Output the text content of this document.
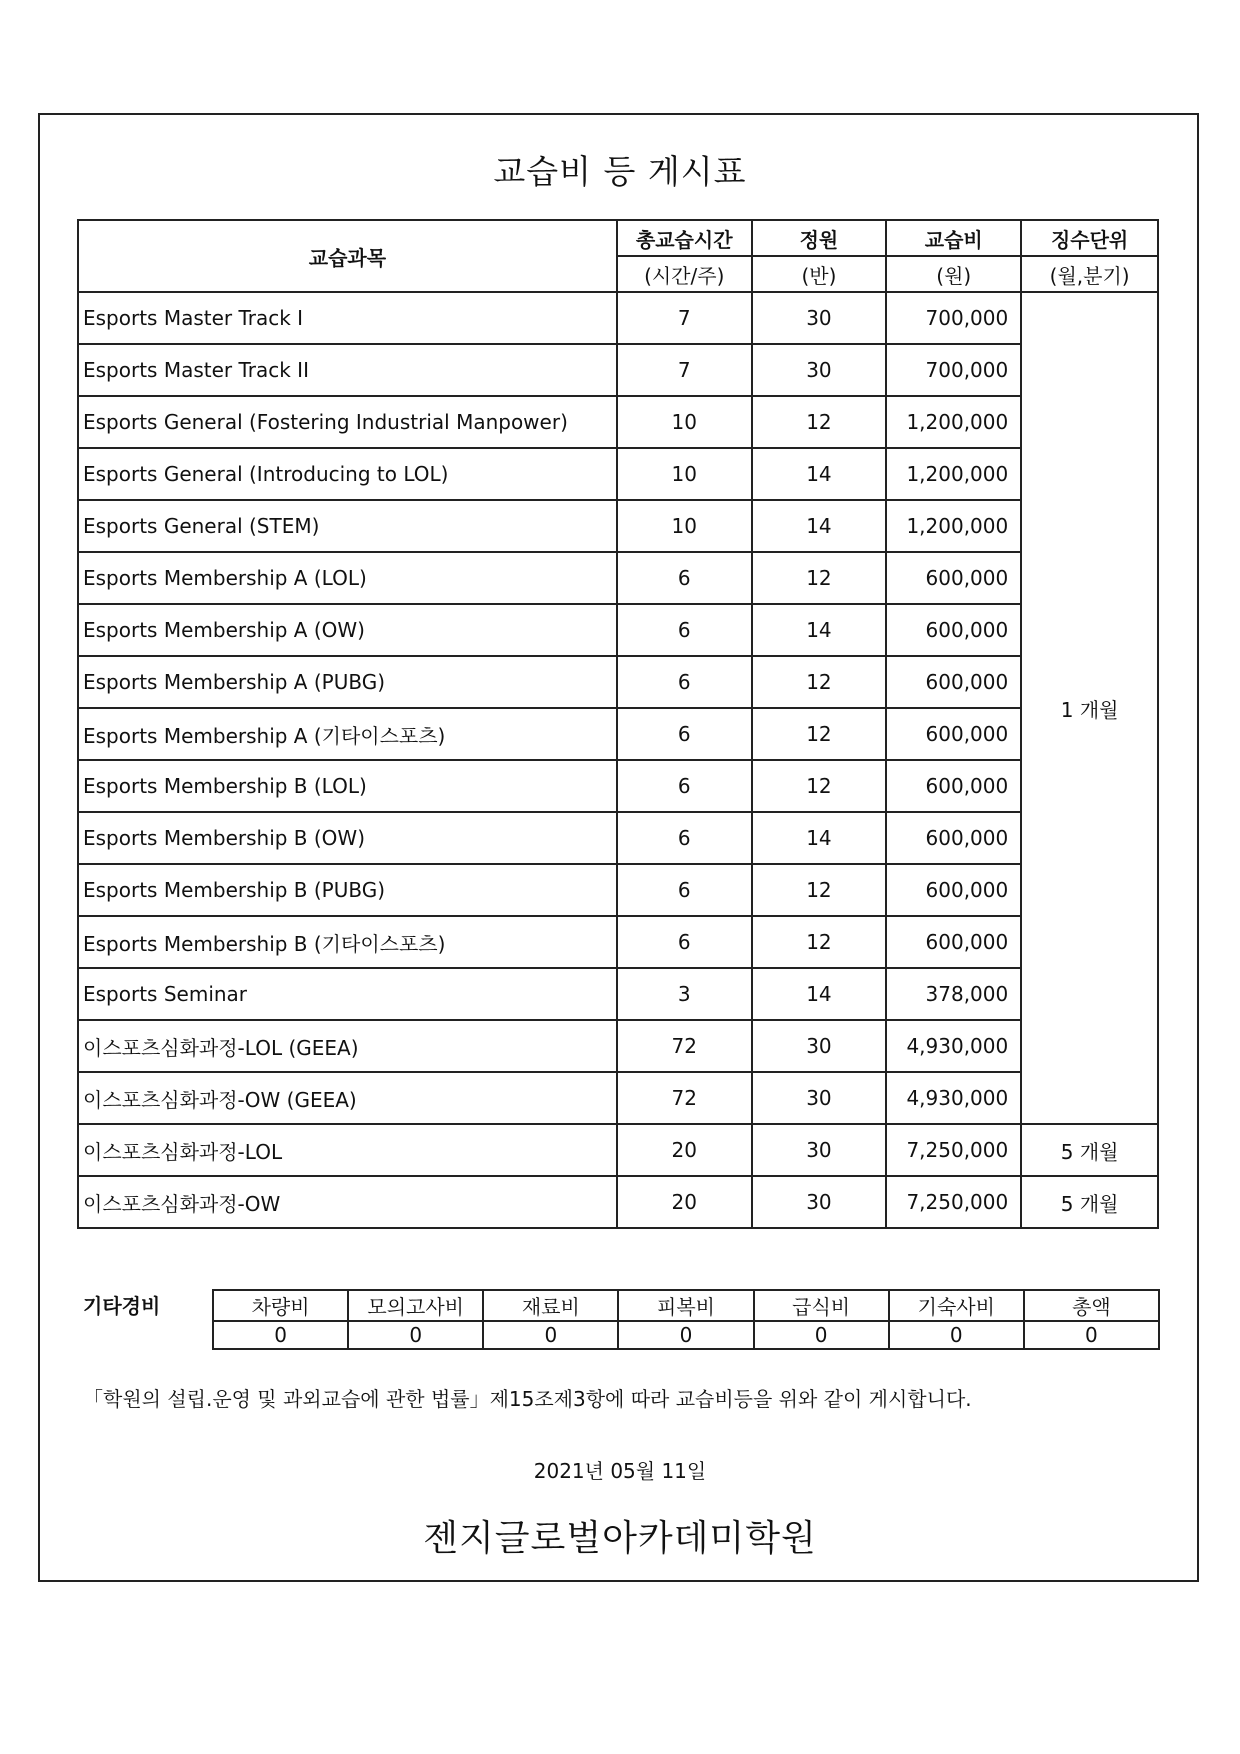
교습비 등 게시표
교습과목	총교습시간	정원	교습비	징수단위
	(시간/주)	(반)	(원)	(월,분기)
Esports Master Track I	7	30	700,000	1 개월
Esports Master Track II	7	30	700,000	
Esports General (Fostering Industrial Manpower)	10	12	1,200,000	
Esports General (Introducing to LOL)	10	14	1,200,000	
Esports General (STEM)	10	14	1,200,000	
Esports Membership A (LOL)	6	12	600,000	
Esports Membership A (OW)	6	14	600,000	
Esports Membership A (PUBG)	6	12	600,000	
Esports Membership A (기타이스포츠)	6	12	600,000	
Esports Membership B (LOL)	6	12	600,000	
Esports Membership B (OW)	6	14	600,000	
Esports Membership B (PUBG)	6	12	600,000	
Esports Membership B (기타이스포츠)	6	12	600,000	
Esports Seminar	3	14	378,000	
이스포츠심화과정-LOL (GEEA)	72	30	4,930,000	
이스포츠심화과정-OW (GEEA)	72	30	4,930,000	
이스포츠심화과정-LOL	20	30	7,250,000	5 개월
이스포츠심화과정-OW	20	30	7,250,000	5 개월
기타경비	차량비	모의고사비	재료비	피복비	급식비	기숙사비	총액
0	0	0	0	0	0	0
「학원의 설립.운영 및 과외교습에 관한 법률」제15조제3항에 따라 교습비등을 위와 같이 게시합니다.
2021년 05월 11일
젠지글로벌아카데미학원
